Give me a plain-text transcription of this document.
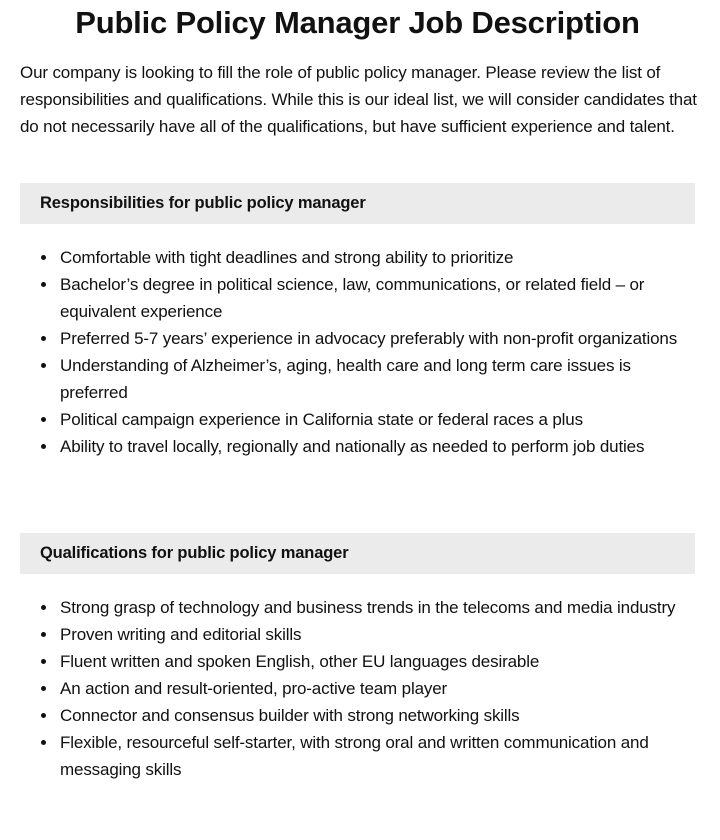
Public Policy Manager Job Description

Our company is looking to fill the role of public policy manager. Please review the list of responsibilities and qualifications. While this is our ideal list, we will consider candidates that do not necessarily have all of the qualifications, but have sufficient experience and talent.

Responsibilities for public policy manager
Comfortable with tight deadlines and strong ability to prioritize
Bachelor’s degree in political science, law, communications, or related field – or equivalent experience
Preferred 5-7 years’ experience in advocacy preferably with non-profit organizations
Understanding of Alzheimer’s, aging, health care and long term care issues is preferred
Political campaign experience in California state or federal races a plus
Ability to travel locally, regionally and nationally as needed to perform job duties
Qualifications for public policy manager
Strong grasp of technology and business trends in the telecoms and media industry
Proven writing and editorial skills
Fluent written and spoken English, other EU languages desirable
An action and result-oriented, pro-active team player
Connector and consensus builder with strong networking skills
Flexible, resourceful self-starter, with strong oral and written communication and messaging skills
